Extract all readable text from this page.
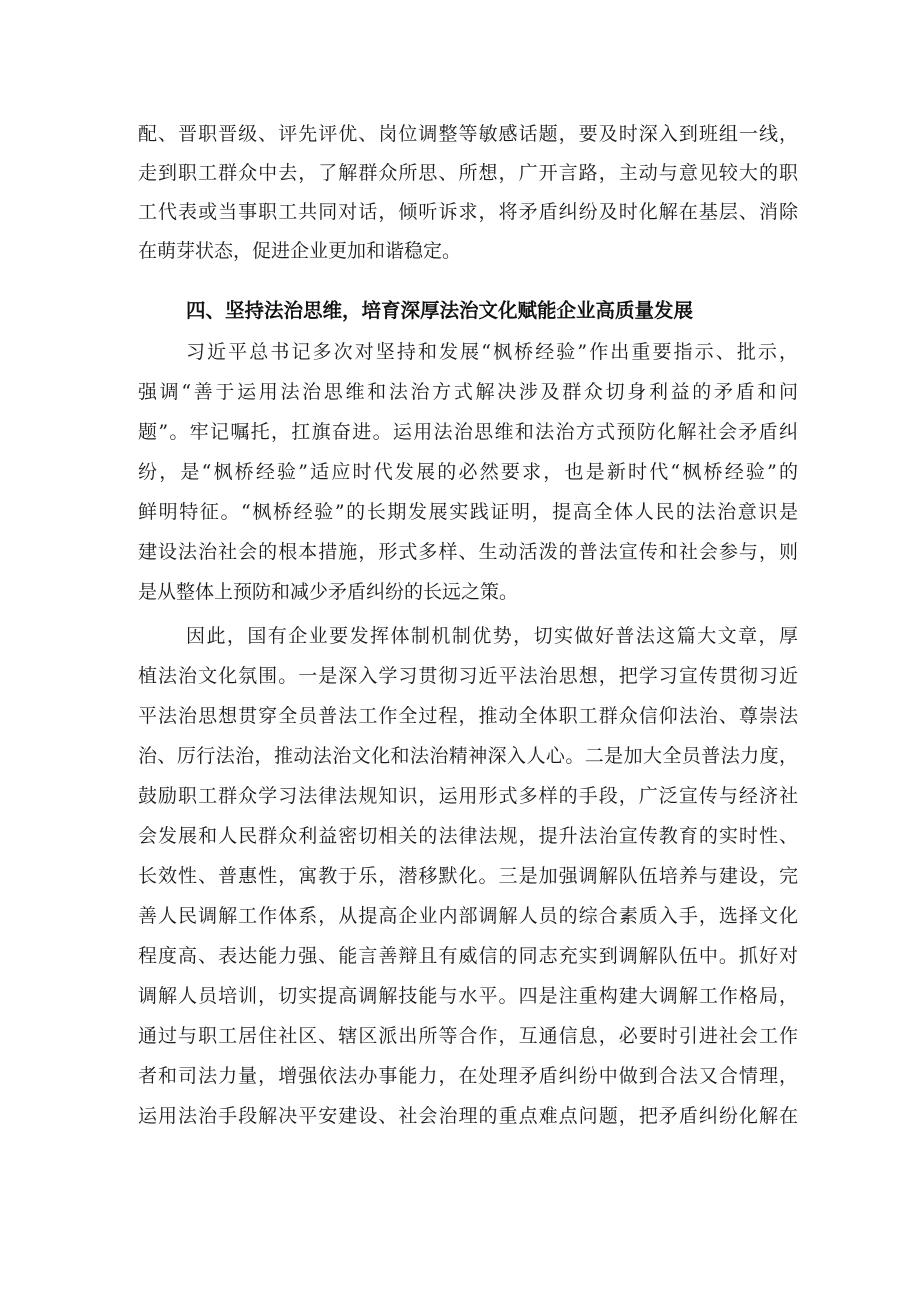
配、晋职晋级、评先评优、岗位调整等敏感话题，要及时深入到班组一线，
走到职工群众中去，了解群众所思、所想，广开言路，主动与意见较大的职
工代表或当事职工共同对话，倾听诉求，将矛盾纠纷及时化解在基层、消除
在萌芽状态，促进企业更加和谐稳定。
四、坚持法治思维，培育深厚法治文化赋能企业高质量发展
习近平总书记多次对坚持和发展“枫桥经验”作出重要指示、批示，
强调“善于运用法治思维和法治方式解决涉及群众切身利益的矛盾和问
题”。牢记嘱托，扛旗奋进。运用法治思维和法治方式预防化解社会矛盾纠
纷，是“枫桥经验”适应时代发展的必然要求，也是新时代“枫桥经验”的
鲜明特征。“枫桥经验”的长期发展实践证明，提高全体人民的法治意识是
建设法治社会的根本措施，形式多样、生动活泼的普法宣传和社会参与，则
是从整体上预防和减少矛盾纠纷的长远之策。
因此，国有企业要发挥体制机制优势，切实做好普法这篇大文章，厚
植法治文化氛围。一是深入学习贯彻习近平法治思想，把学习宣传贯彻习近
平法治思想贯穿全员普法工作全过程，推动全体职工群众信仰法治、尊崇法
治、厉行法治，推动法治文化和法治精神深入人心。二是加大全员普法力度，
鼓励职工群众学习法律法规知识，运用形式多样的手段，广泛宣传与经济社
会发展和人民群众利益密切相关的法律法规，提升法治宣传教育的实时性、
长效性、普惠性，寓教于乐，潜移默化。三是加强调解队伍培养与建设，完
善人民调解工作体系，从提高企业内部调解人员的综合素质入手，选择文化
程度高、表达能力强、能言善辩且有威信的同志充实到调解队伍中。抓好对
调解人员培训，切实提高调解技能与水平。四是注重构建大调解工作格局，
通过与职工居住社区、辖区派出所等合作，互通信息，必要时引进社会工作
者和司法力量，增强依法办事能力，在处理矛盾纠纷中做到合法又合情理，
运用法治手段解决平安建设、社会治理的重点难点问题，把矛盾纠纷化解在
